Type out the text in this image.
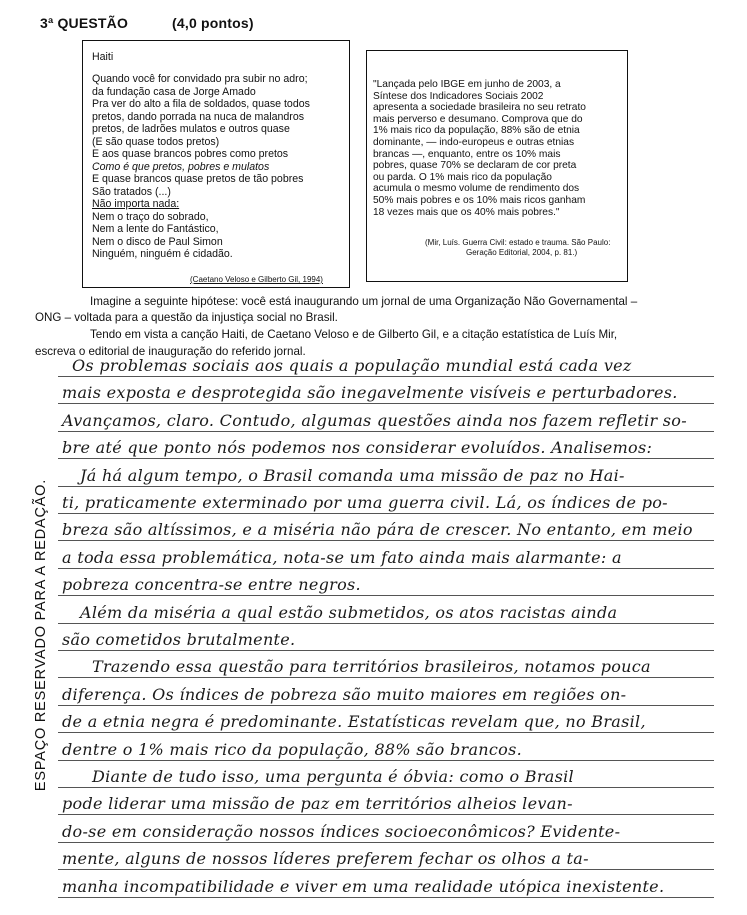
3ª QUESTÃO	(4,0 pontos)
Haiti
Quando você for convidado pra subir no adro;
da fundação casa de Jorge Amado
Pra ver do alto a fila de soldados, quase todos
pretos, dando porrada na nuca de malandros
pretos, de ladrões mulatos e outros quase
(E são quase todos pretos)
E aos quase brancos pobres como pretos
Como é que pretos, pobres e mulatos
E quase brancos quase pretos de tão pobres
São tratados (...)
Não importa nada:
Nem o traço do sobrado,
Nem a lente do Fantástico,
Nem o disco de Paul Simon
Ninguém, ninguém é cidadão.
(Caetano Veloso e Gilberto Gil, 1994)
"Lançada pelo IBGE em junho de 2003, a
Síntese dos Indicadores Sociais 2002
apresenta a sociedade brasileira no seu retrato
mais perverso e desumano. Comprova que do
1% mais rico da população, 88% são de etnia
dominante, — indo-europeus e outras etnias
brancas —, enquanto, entre os 10% mais
pobres, quase 70% se declaram de cor preta
ou parda. O 1% mais rico da população
acumula o mesmo volume de rendimento dos
50% mais pobres e os 10% mais ricos ganham
18 vezes mais que os 40% mais pobres."
(Mir, Luís. Guerra Civil: estado e trauma. São Paulo:
Geração Editorial, 2004, p. 81.)
Imagine a seguinte hipótese: você está inaugurando um jornal de uma Organização Não Governamental –
ONG – voltada para a questão da injustiça social no Brasil.
Tendo em vista a canção Haiti, de Caetano Veloso e de Gilberto Gil, e a citação estatística de Luís Mir,
escreva o editorial de inauguração do referido jornal.
ESPAÇO RESERVADO PARA A REDAÇÃO.
Os problemas sociais aos quais a população mundial está cada vez
mais exposta e desprotegida são inegavelmente visíveis e perturbadores.
Avançamos, claro. Contudo, algumas questões ainda nos fazem refletir so-
bre até que ponto nós podemos nos considerar evoluídos. Analisemos:
Já há algum tempo, o Brasil comanda uma missão de paz no Hai-
ti, praticamente exterminado por uma guerra civil. Lá, os índices de po-
breza são altíssimos, e a miséria não pára de crescer. No entanto, em meio
a toda essa problemática, nota-se um fato ainda mais alarmante: a
pobreza concentra-se entre negros.
Além da miséria a qual estão submetidos, os atos racistas ainda
são cometidos brutalmente.
Trazendo essa questão para territórios brasileiros, notamos pouca
diferença. Os índices de pobreza são muito maiores em regiões on-
de a etnia negra é predominante. Estatísticas revelam que, no Brasil,
dentre o 1% mais rico da população, 88% são brancos.
Diante de tudo isso, uma pergunta é óbvia: como o Brasil
pode liderar uma missão de paz em territórios alheios levan-
do-se em consideração nossos índices socioeconômicos? Evidente-
mente, alguns de nossos líderes preferem fechar os olhos a ta-
manha incompatibilidade e viver em uma realidade utópica inexistente.
